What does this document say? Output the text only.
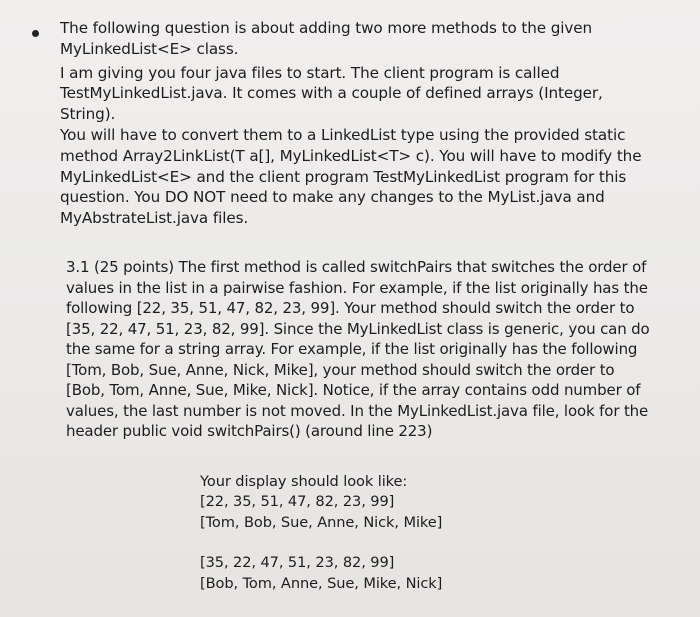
The following question is about adding two more methods to the given

MyLinkedList<E> class.

I am giving you four java files to start. The client program is called

TestMyLinkedList.java. It comes with a couple of defined arrays (Integer, String).

You will have to convert them to a LinkedList type using the provided static

method Array2LinkList(T a[], MyLinkedList<T> c). You will have to modify the

MyLinkedList<E> and the client program TestMyLinkedList program for this

question. You DO NOT need to make any changes to the MyList.java and

MyAbstrateList.java files.

3.1 (25 points) The first method is called switchPairs that switches the order of

values in the list in a pairwise fashion. For example, if the list originally has the

following [22, 35, 51, 47, 82, 23, 99]. Your method should switch the order to

[35, 22, 47, 51, 23, 82, 99]. Since the MyLinkedList class is generic, you can do

the same for a string array. For example, if the list originally has the following

[Tom, Bob, Sue, Anne, Nick, Mike], your method should switch the order to

[Bob, Tom, Anne, Sue, Mike, Nick]. Notice, if the array contains odd number of

values, the last number is not moved. In the MyLinkedList.java file, look for the

header public void switchPairs() (around line 223)

Your display should look like:
[22, 35, 51, 47, 82, 23, 99]
[Tom, Bob, Sue, Anne, Nick, Mike]
[35, 22, 47, 51, 23, 82, 99]
[Bob, Tom, Anne, Sue, Mike, Nick]
